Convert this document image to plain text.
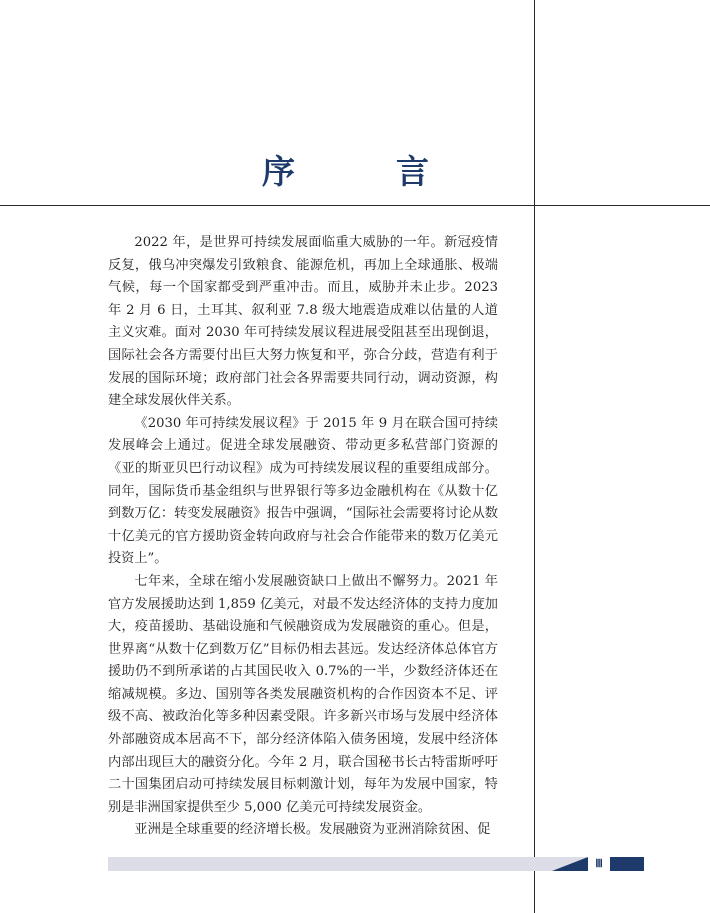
序　言

2022 年，是世界可持续发展面临重大威胁的一年。新冠疫情反复，俄乌冲突爆发引致粮食、能源危机，再加上全球通胀、极端气候，每一个国家都受到严重冲击。而且，威胁并未止步。2023 年 2 月 6 日，土耳其、叙利亚 7.8 级大地震造成难以估量的人道主义灾难。面对 2030 年可持续发展议程进展受阻甚至出现倒退，国际社会各方需要付出巨大努力恢复和平，弥合分歧，营造有利于发展的国际环境；政府部门社会各界需要共同行动，调动资源，构建全球发展伙伴关系。

《2030 年可持续发展议程》于 2015 年 9 月在联合国可持续发展峰会上通过。促进全球发展融资、带动更多私营部门资源的《亚的斯亚贝巴行动议程》成为可持续发展议程的重要组成部分。同年，国际货币基金组织与世界银行等多边金融机构在《从数十亿到数万亿：转变发展融资》报告中强调，“国际社会需要将讨论从数十亿美元的官方援助资金转向政府与社会合作能带来的数万亿美元投资上”。

七年来，全球在缩小发展融资缺口上做出不懈努力。2021 年官方发展援助达到 1,859 亿美元，对最不发达经济体的支持力度加大，疫苗援助、基础设施和气候融资成为发展融资的重心。但是，世界离“从数十亿到数万亿”目标仍相去甚远。发达经济体总体官方援助仍不到所承诺的占其国民收入 0.7%的一半，少数经济体还在缩减规模。多边、国别等各类发展融资机构的合作因资本不足、评级不高、被政治化等多种因素受限。许多新兴市场与发展中经济体外部融资成本居高不下，部分经济体陷入债务困境，发展中经济体内部出现巨大的融资分化。今年 2 月，联合国秘书长古特雷斯呼吁二十国集团启动可持续发展目标刺激计划，每年为发展中国家，特别是非洲国家提供至少 5,000 亿美元可持续发展资金。

亚洲是全球重要的经济增长极。发展融资为亚洲消除贫困、促

Ⅲ
